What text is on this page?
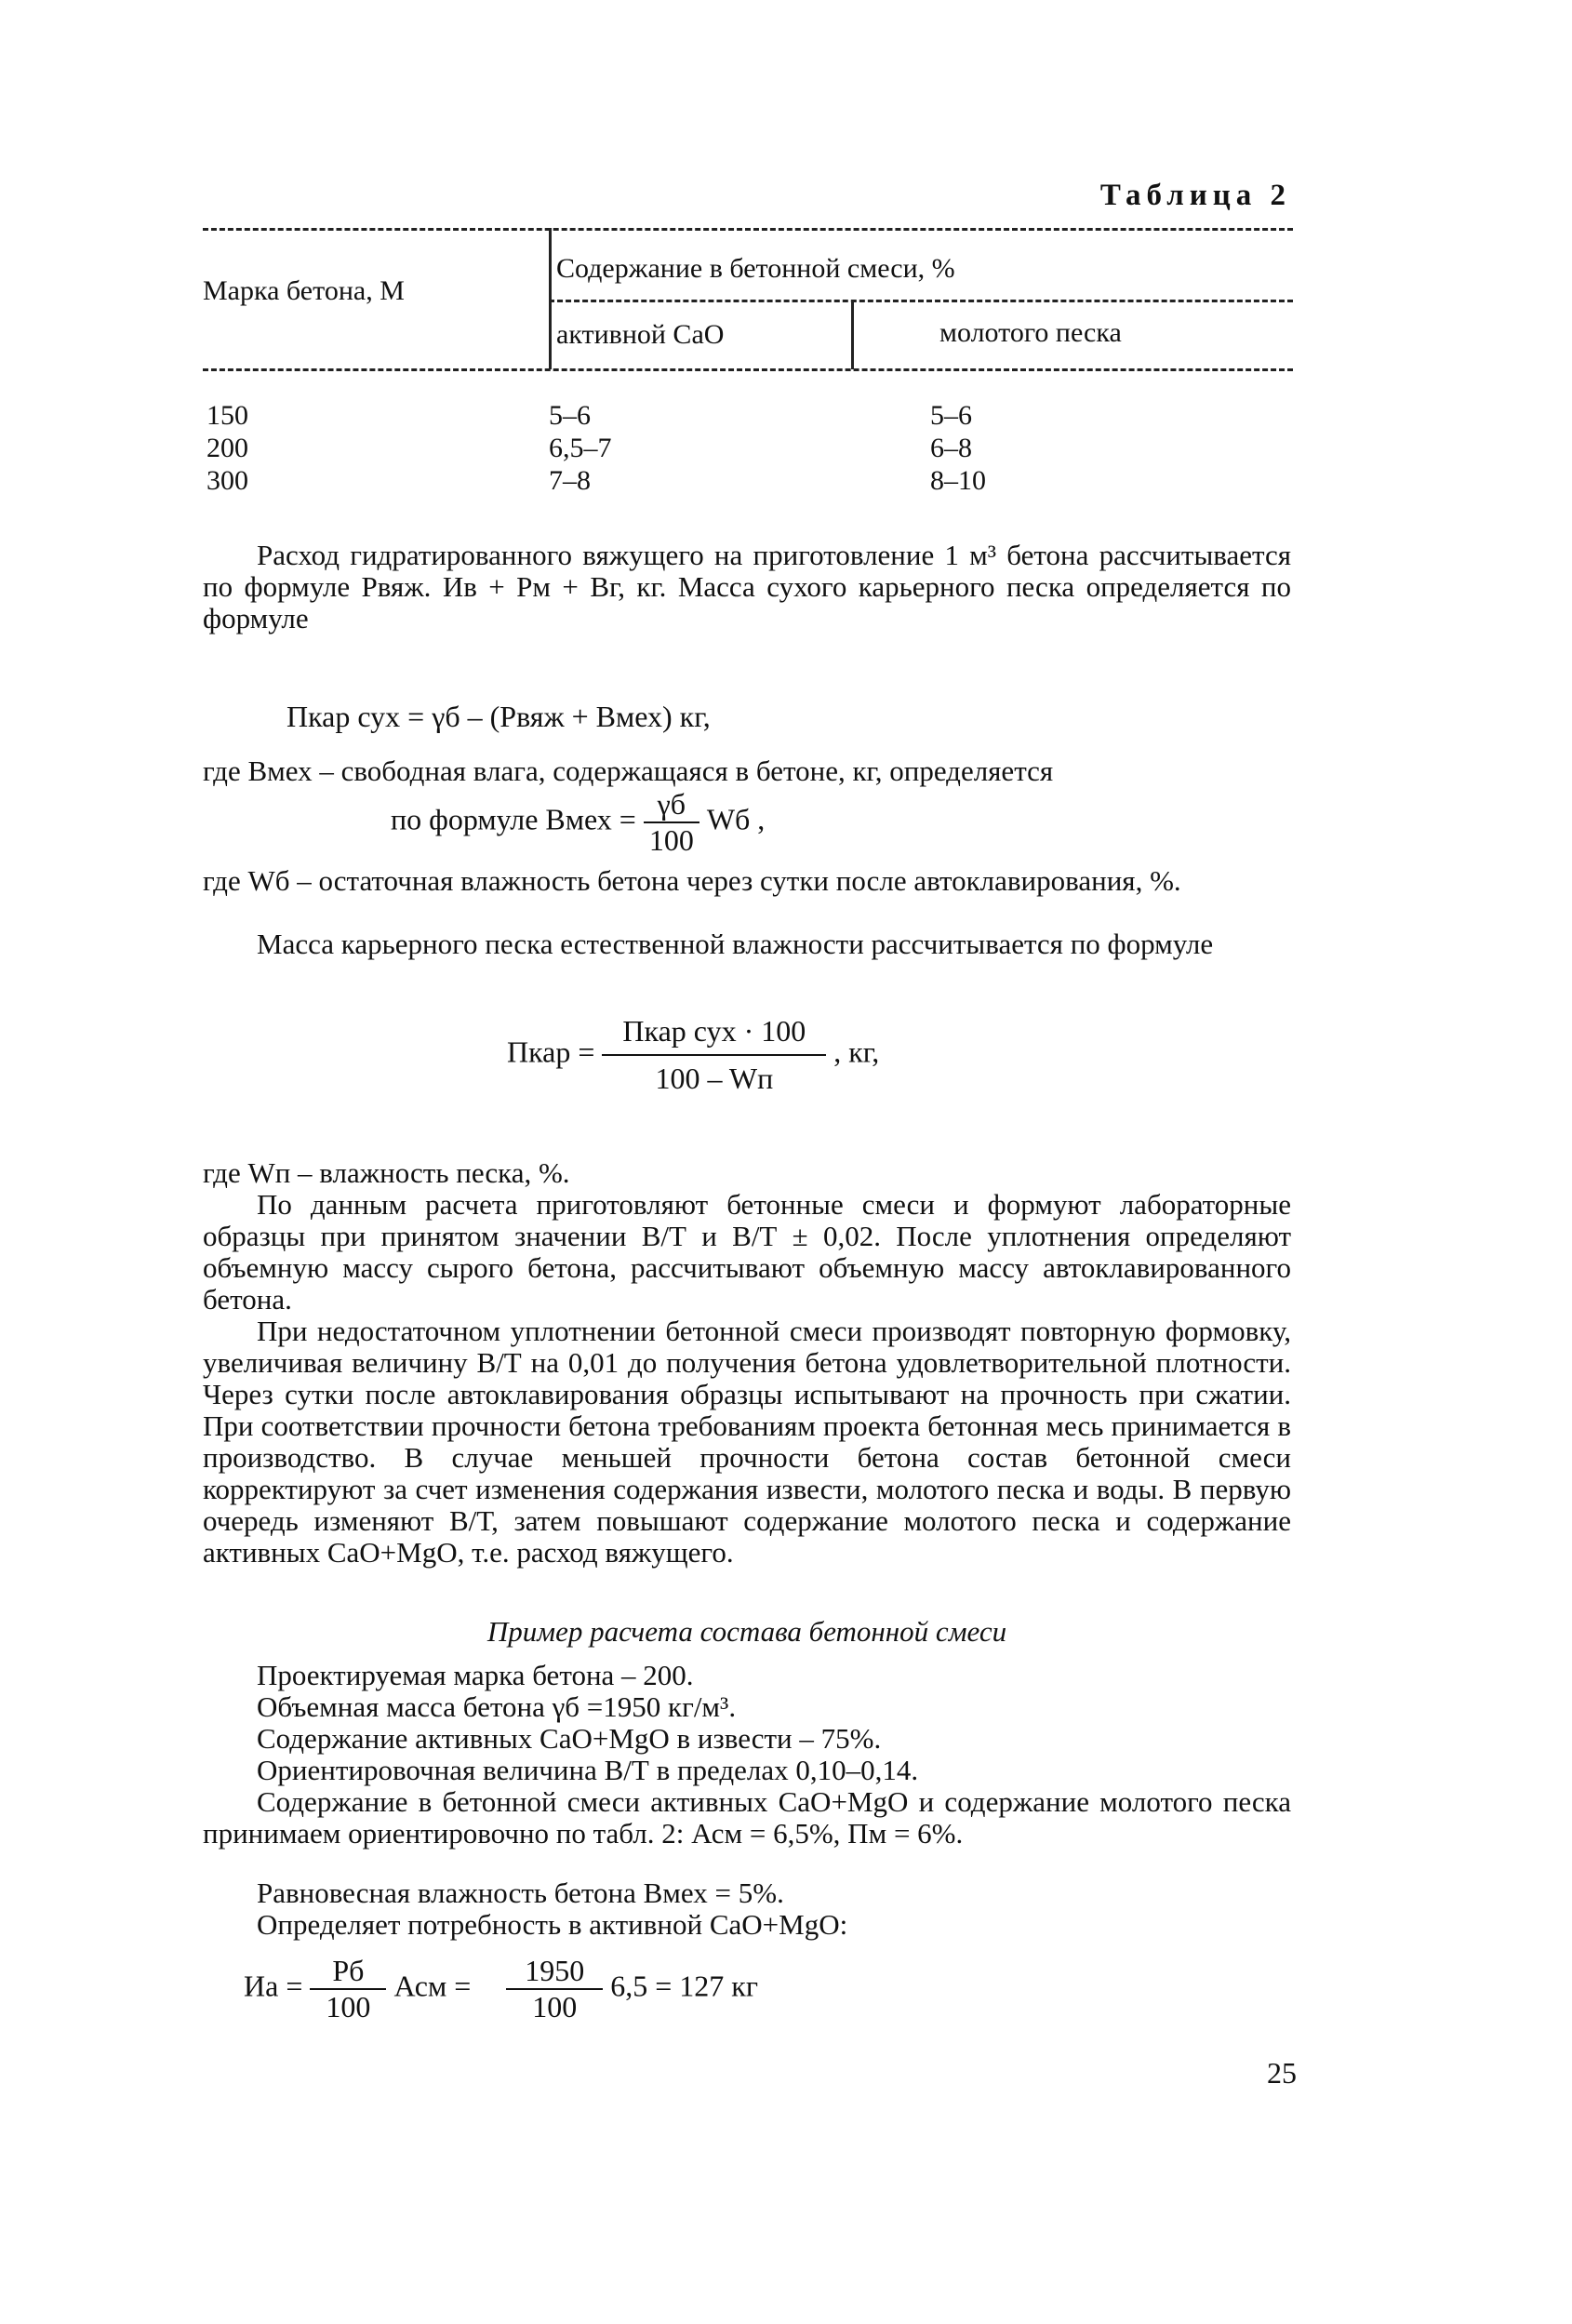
Таблица 2
Марка бетона, М
Содержание в бетонной смеси, %
активной CaO	молотого песка
150	5–6	5–6
200	6,5–7	6–8
300	7–8	8–10
Расход гидратированного вяжущего на приготовление 1 м³ бетона рассчитывается по формуле Рвяж. Ив + Рм + Вг, кг. Масса сухого карьерного песка определяется по формуле
Пкар сух = γб – (Рвяж + Вмех) кг,
где Вмех – свободная влага, содержащаяся в бетоне, кг, определяется
по формуле Вмех = $\frac{\gamma б}{100}$ Wб ,
где Wб – остаточная влажность бетона через сутки после автоклавирования, %.
Масса карьерного песка естественной влажности рассчитывается по формуле
Пкар = $\frac{\text{Пкар сух · 100}}{100 - Wп}$ , кг,
где Wп – влажность песка, %.
По данным расчета приготовляют бетонные смеси и формуют лабораторные образцы при принятом значении В/Т и В/Т ± 0,02. После уплотнения определяют объемную массу сырого бетона, рассчитывают объемную массу автоклавированного бетона.
При недостаточном уплотнении бетонной смеси производят повторную формовку, увеличивая величину В/Т на 0,01 до получения бетона удовлетворительной плотности. Через сутки после автоклавирования образцы испытывают на прочность при сжатии. При соответствии прочности бетона требованиям проекта бетонная месь принимается в производство. В случае меньшей прочности бетона состав бетонной смеси корректируют за счет изменения содержания извести, молотого песка и воды. В первую очередь изменяют В/Т, затем повышают содержание молотого песка и содержание активных CaO+MgO, т.е. расход вяжущего.
Пример расчета состава бетонной смеси
Проектируемая марка бетона – 200.
Объемная масса бетона γб =1950 кг/м³.
Содержание активных CaO+MgO в извести – 75%.
Ориентировочная величина В/Т в пределах 0,10–0,14.
Содержание в бетонной смеси активных CaO+MgO и содержание молотого песка принимаем ориентировочно по табл. 2: Асм = 6,5%, Пм = 6%.
Равновесная влажность бетона Вмех = 5%.
Определяет потребность в активной CaO+MgO:
Иа = $\frac{Рб}{100}$ Асм = $\frac{1950}{100} 6,5 = 127$ кг
25
